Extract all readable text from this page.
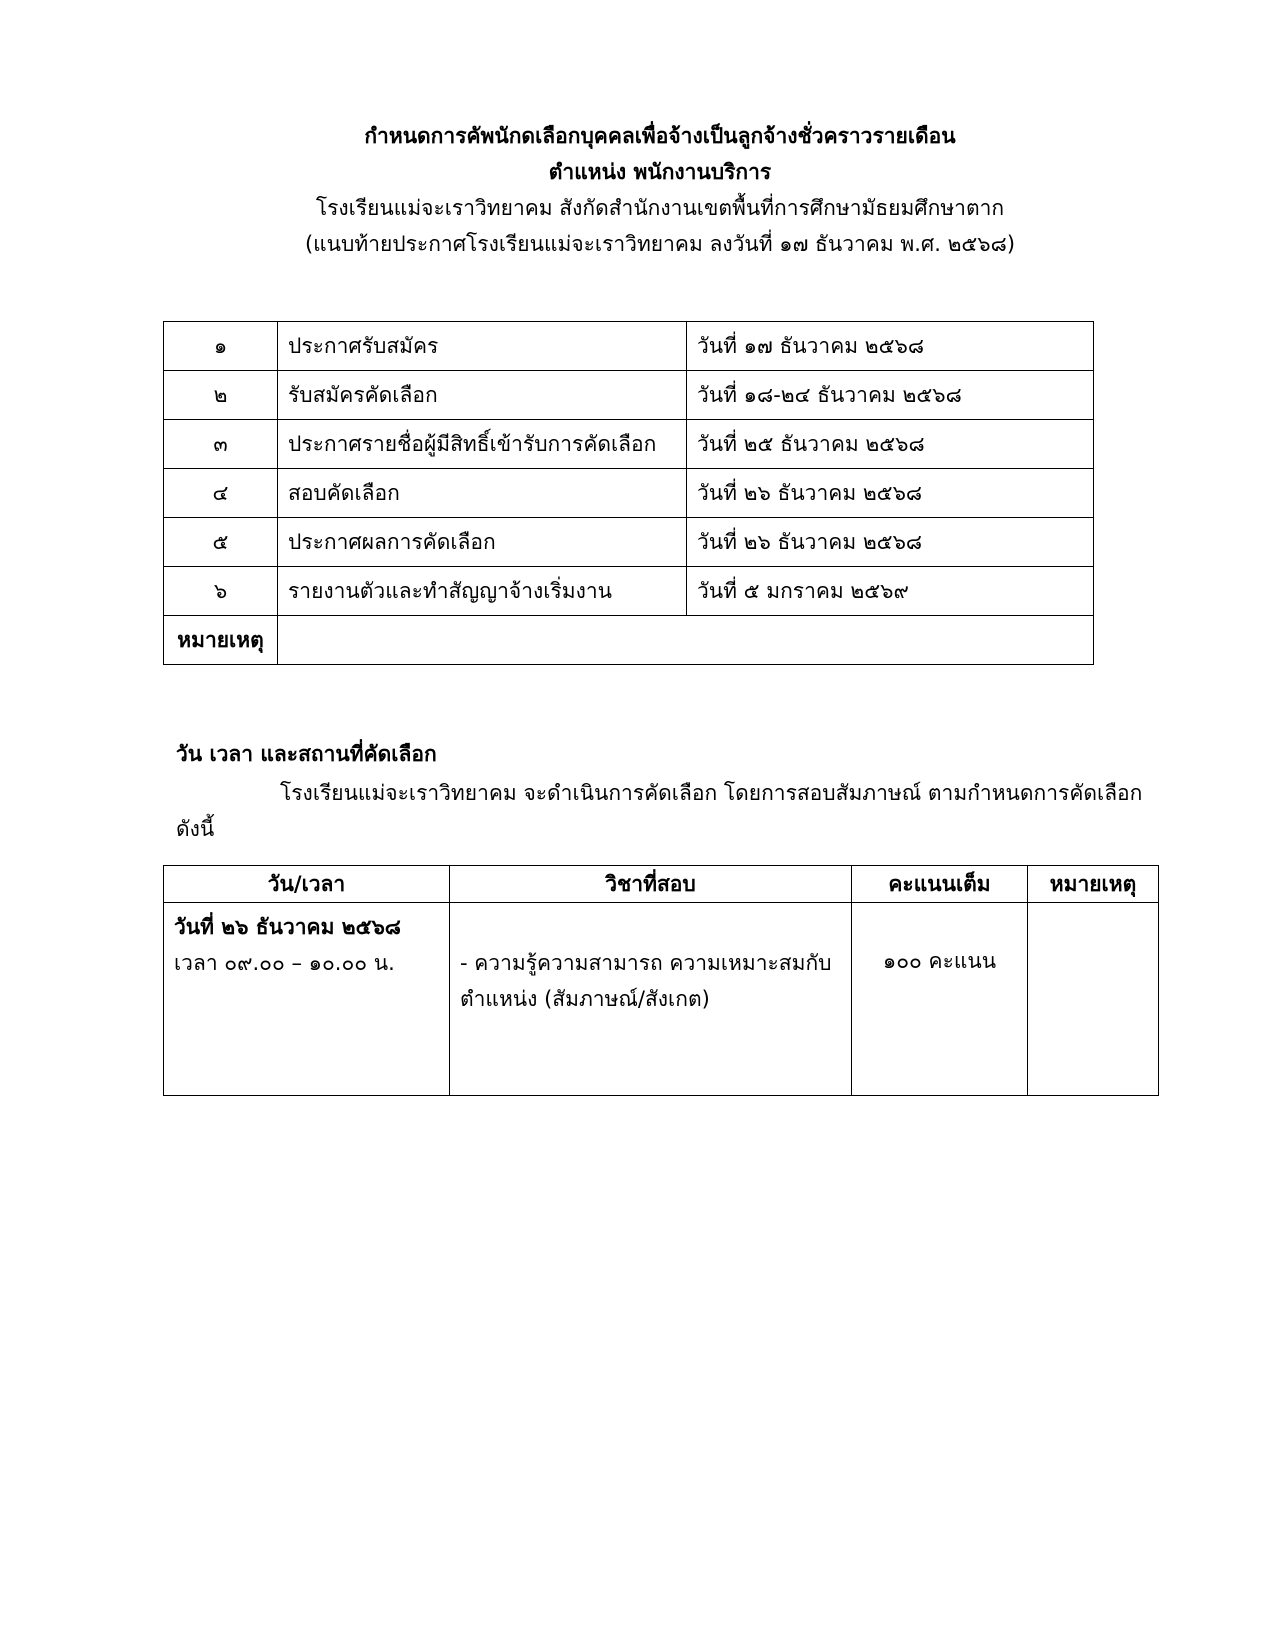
กำหนดการคัพนักดเลือกบุคคลเพื่อจ้างเป็นลูกจ้างชั่วคราวรายเดือน
ตำแหน่ง พนักงานบริการ
โรงเรียนแม่จะเราวิทยาคม สังกัดสำนักงานเขตพื้นที่การศึกษามัธยมศึกษาตาก
(แนบท้ายประกาศโรงเรียนแม่จะเราวิทยาคม ลงวันที่ ๑๗ ธันวาคม พ.ศ. ๒๕๖๘)
๑	ประกาศรับสมัคร	วันที่ ๑๗ ธันวาคม ๒๕๖๘
๒	รับสมัครคัดเลือก	วันที่ ๑๘-๒๔ ธันวาคม ๒๕๖๘
๓	ประกาศรายชื่อผู้มีสิทธิ์เข้ารับการคัดเลือก	วันที่ ๒๕ ธันวาคม ๒๕๖๘
๔	สอบคัดเลือก	วันที่ ๒๖ ธันวาคม ๒๕๖๘
๕	ประกาศผลการคัดเลือก	วันที่ ๒๖ ธันวาคม ๒๕๖๘
๖	รายงานตัวและทำสัญญาจ้างเริ่มงาน	วันที่ ๕ มกราคม ๒๕๖๙
หมายเหตุ		
วัน เวลา และสถานที่คัดเลือก
โรงเรียนแม่จะเราวิทยาคม จะดำเนินการคัดเลือก โดยการสอบสัมภาษณ์ ตามกำหนดการคัดเลือก
ดังนี้
วัน/เวลา	วิชาที่สอบ	คะแนนเต็ม	หมายเหตุ

วันที่ ๒๖ ธันวาคม ๒๕๖๘
เวลา ๐๙.๐๐ – ๑๐.๐๐ น.	- ความรู้ความสามารถ ความเหมาะสมกับตำแหน่ง (สัมภาษณ์/สังเกต)	๑๐๐ คะแนน	
